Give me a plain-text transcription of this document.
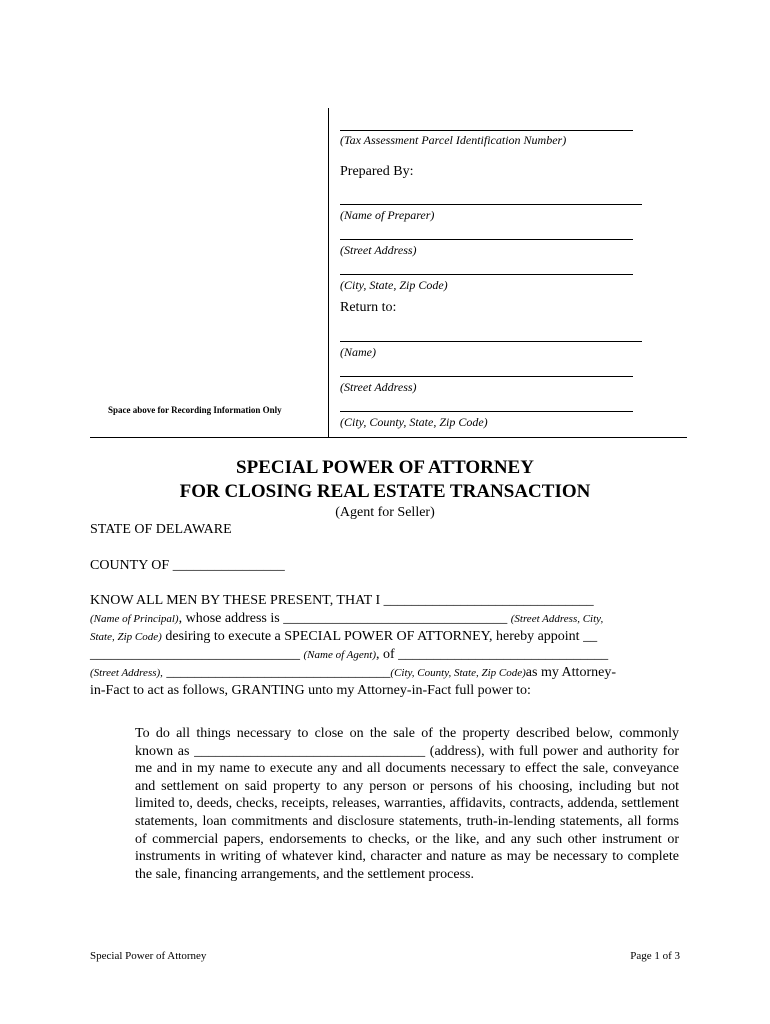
(Tax Assessment Parcel Identification Number)
Prepared By:
(Name of Preparer)
(Street Address)
(City, State, Zip Code)
Return to:
(Name)
(Street Address)
(City, County, State, Zip Code)
Space above for Recording Information Only
SPECIAL POWER OF ATTORNEY
FOR CLOSING REAL ESTATE TRANSACTION
(Agent for Seller)
STATE OF DELAWARE
COUNTY OF ________________
KNOW ALL MEN BY THESE PRESENT, THAT I ______________________________
(Name of Principal), whose address is ________________________________ (Street Address, City,
State, Zip Code) desiring to execute a SPECIAL POWER OF ATTORNEY, hereby appoint __
______________________________ (Name of Agent), of ______________________________
(Street Address), ________________________________(City, County, State, Zip Code)as my Attorney-
in-Fact to act as follows, GRANTING unto my Attorney-in-Fact full power to:
To do all things necessary to close on the sale of the property described below, commonly known as _________________________________ (address), with full power and authority for me and in my name to execute any and all documents necessary to effect the sale, conveyance and settlement on said property to any person or persons of his choosing, including but not limited to, deeds, checks, receipts, releases, warranties, affidavits, contracts, addenda, settlement statements, loan commitments and disclosure statements, truth-in-lending statements, all forms of commercial papers, endorsements to checks, or the like, and any such other instrument or instruments in writing of whatever kind, character and nature as may be necessary to complete the sale, financing arrangements, and the settlement process.
Special Power of Attorney	Page 1 of 3
